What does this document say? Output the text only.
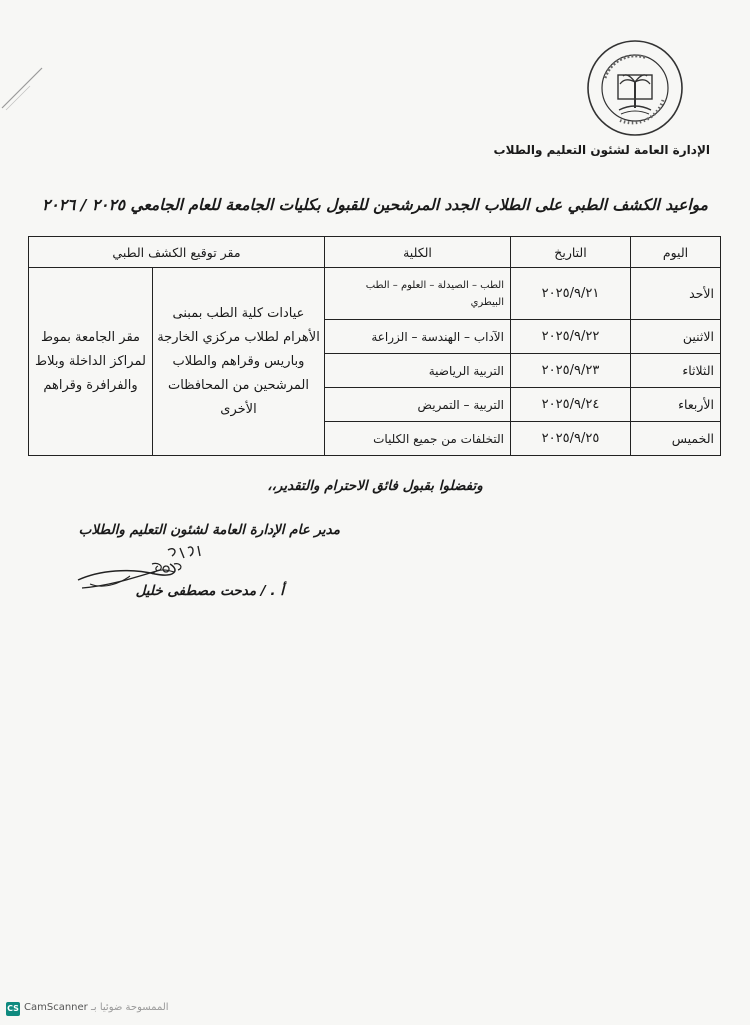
الإدارة العامة لشئون التعليم والطلاب
مواعيد الكشف الطبي على الطلاب الجدد المرشحين للقبول بكليات الجامعة للعام الجامعي ٢٠٢٥ / ٢٠٢٦
اليوم	التاريخ	الكلية	مقر توقيع الكشف الطبي	
الأحد	٢٠٢٥/٩/٢١	الطب – الصيدلة – العلوم – الطب البيطري	عيادات كلية الطب بمبنى الأهرام لطلاب مركزي الخارجة وباريس وقراهم والطلاب المرشحين من المحافظات الأخرى	مقر الجامعة بموط لمراكز الداخلة وبلاط والفرافرة وقراهم
الاثنين	٢٠٢٥/٩/٢٢	الآداب – الهندسة – الزراعة		
الثلاثاء	٢٠٢٥/٩/٢٣	التربية الرياضية		
الأربعاء	٢٠٢٥/٩/٢٤	التربية – التمريض		
الخميس	٢٠٢٥/٩/٢٥	التخلفات من جميع الكليات		
وتفضلوا بقبول فائق الاحترام والتقدير،،
مدير عام الإدارة العامة لشئون التعليم والطلاب
أ . / مدحت مصطفى خليل
CS CamScanner الممسوحة ضوئيا بـ
